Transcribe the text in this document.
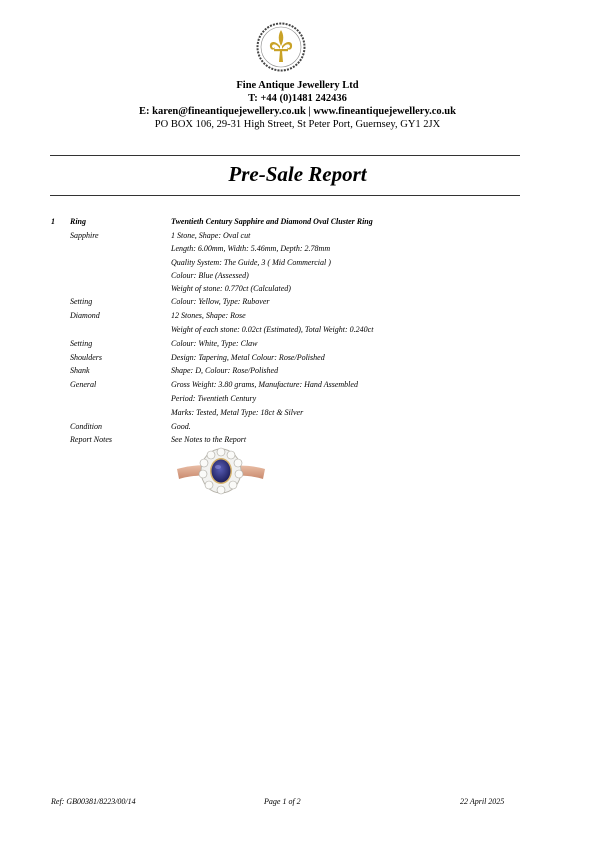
Fine Antique Jewellery Ltd
T: +44 (0)1481 242436
E: karen@fineantiquejewellery.co.uk | www.fineantiquejewellery.co.uk
PO BOX 106, 29-31 High Street, St Peter Port, Guernsey, GY1 2JX
Pre-Sale Report
1 Ring	Twentieth Century Sapphire and Diamond Oval Cluster Ring
Sapphire	1 Stone, Shape: Oval cut
Length: 6.00mm, Width: 5.46mm, Depth: 2.78mm
Quality System: The Guide, 3 ( Mid Commercial )
Colour: Blue (Assessed)
Weight of stone: 0.770ct (Calculated)
Setting	Colour: Yellow, Type: Rubover
Diamond	12 Stones, Shape: Rose
Weight of each stone: 0.02ct (Estimated), Total Weight: 0.240ct
Setting	Colour: White, Type: Claw
Shoulders	Design: Tapering, Metal Colour: Rose/Polished
Shank	Shape: D, Colour: Rose/Polished
General	Gross Weight: 3.80 grams, Manufacture: Hand Assembled
Period: Twentieth Century
Marks: Tested, Metal Type: 18ct & Silver
Condition	Good.
Report Notes	See Notes to the Report
Ref: GB00381/8223/00/14	Page 1 of 2	22 April 2025
